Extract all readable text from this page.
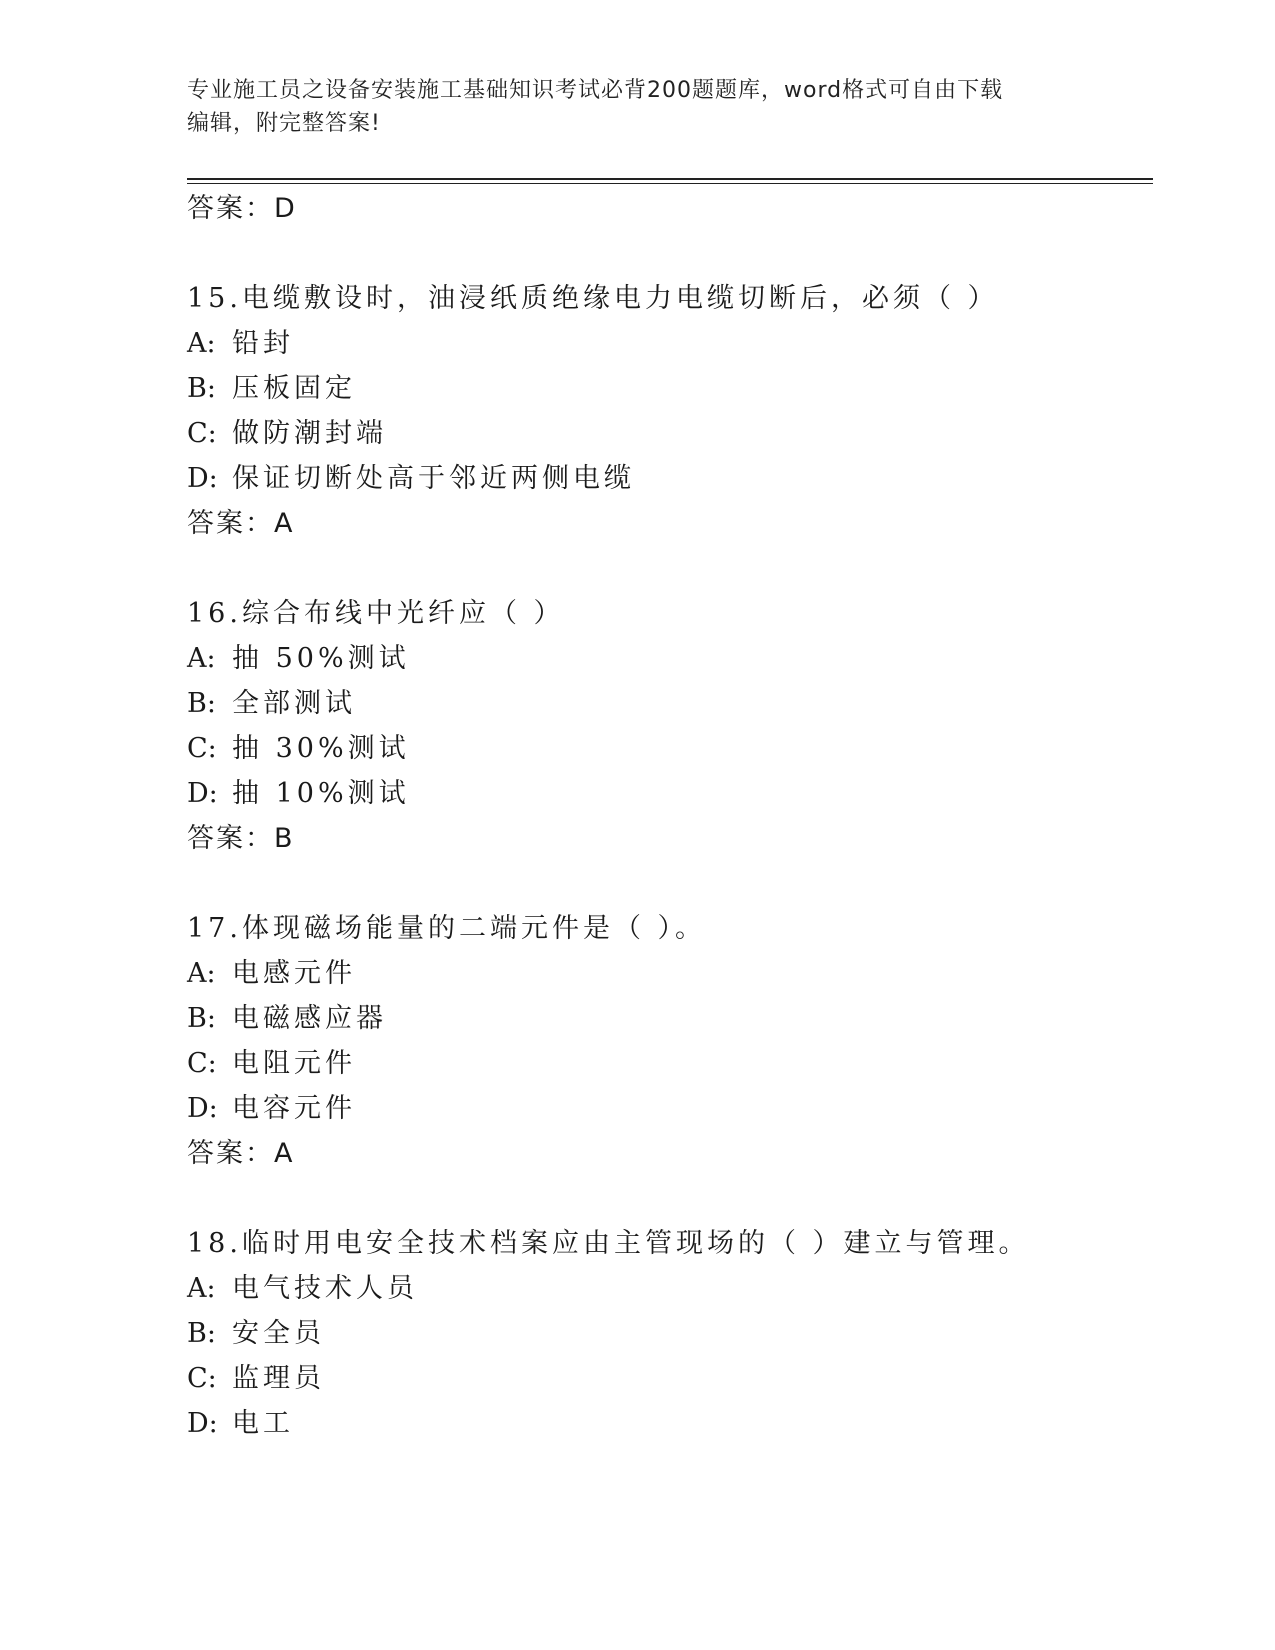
专业施工员之设备安装施工基础知识考试必背200题题库，word格式可自由下载
编辑，附完整答案!
答案：D
15.电缆敷设时，油浸纸质绝缘电力电缆切断后，必须（ ）
A: 铅封
B: 压板固定
C: 做防潮封端
D: 保证切断处高于邻近两侧电缆
答案：A
16.综合布线中光纤应（ ）
A: 抽 50%测试
B: 全部测试
C: 抽 30%测试
D: 抽 10%测试
答案：B
17.体现磁场能量的二端元件是（ ）。
A: 电感元件
B: 电磁感应器
C: 电阻元件
D: 电容元件
答案：A
18.临时用电安全技术档案应由主管现场的（ ）建立与管理。
A: 电气技术人员
B: 安全员
C: 监理员
D: 电工
